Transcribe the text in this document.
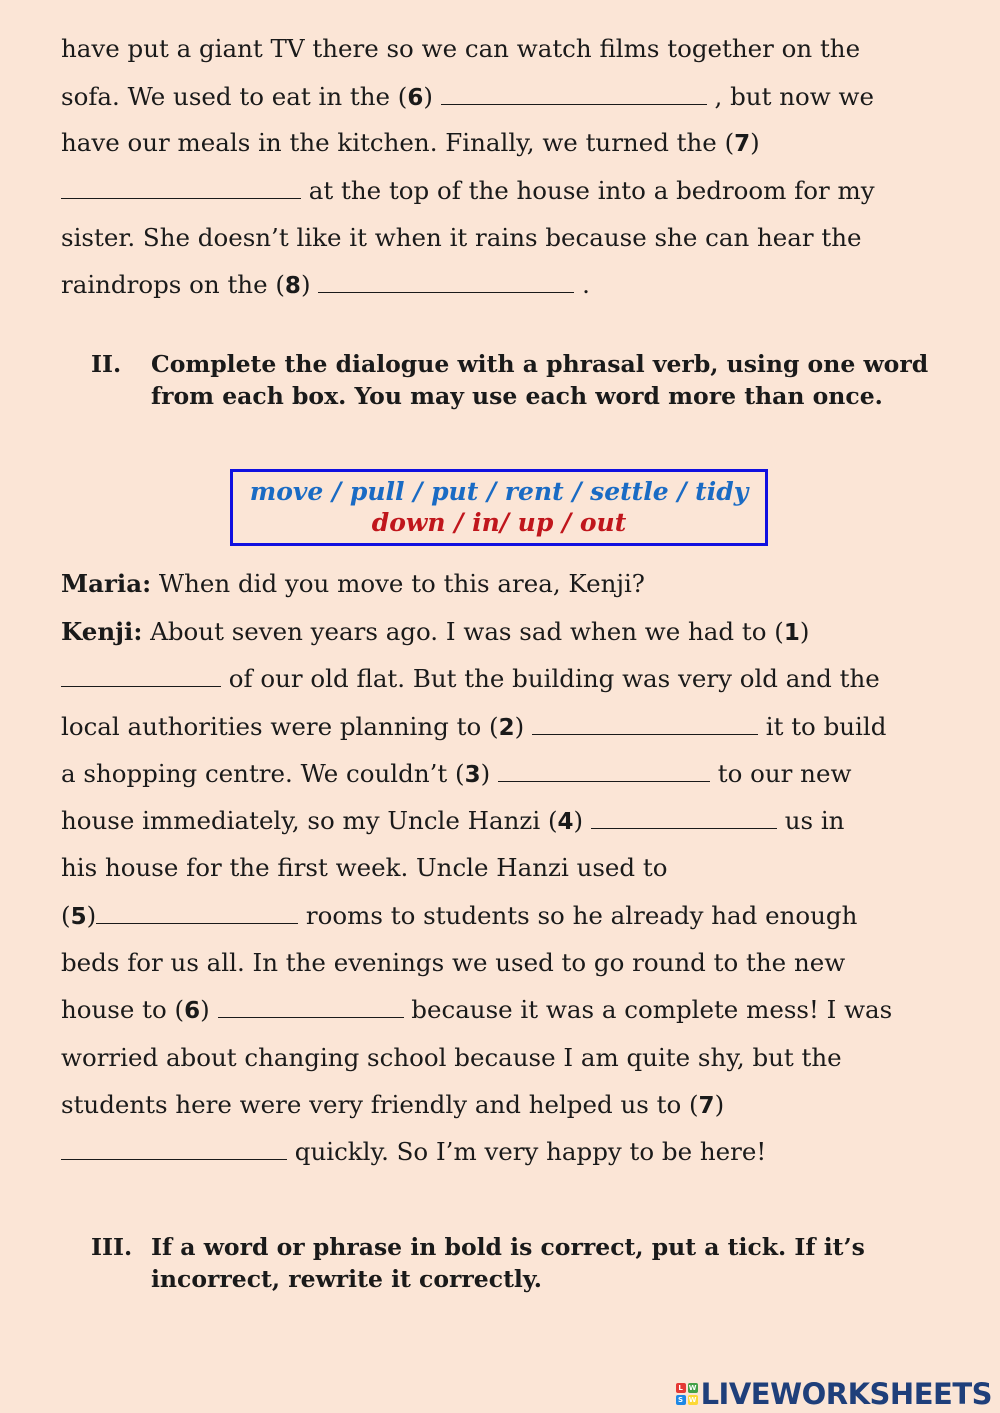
have put a giant TV there so we can watch films together on the
sofa. We used to eat in the (6)	, but now we
have our meals in the kitchen. Finally, we turned the (7)
at the top of the house into a bedroom for my
sister. She doesn’t like it when it rains because she can hear the
raindrops on the (8)	.
II. Complete the dialogue with a phrasal verb, using one word from each box. You may use each word more than once.
move / pull / put / rent / settle / tidy
down / in/ up / out
Maria: When did you move to this area, Kenji?
Kenji: About seven years ago. I was sad when we had to (1)
of our old flat. But the building was very old and the
local authorities were planning to (2)	it to build
a shopping centre. We couldn’t (3)	to our new
house immediately, so my Uncle Hanzi (4)	us in
his house for the first week. Uncle Hanzi used to
(5)	rooms to students so he already had enough
beds for us all. In the evenings we used to go round to the new
house to (6)	because it was a complete mess! I was
worried about changing school because I am quite shy, but the
students here were very friendly and helped us to (7)
quickly. So I’m very happy to be here!
III. If a word or phrase in bold is correct, put a tick. If it’s incorrect, rewrite it correctly.
L W
S W LIVEWORKSHEETS
